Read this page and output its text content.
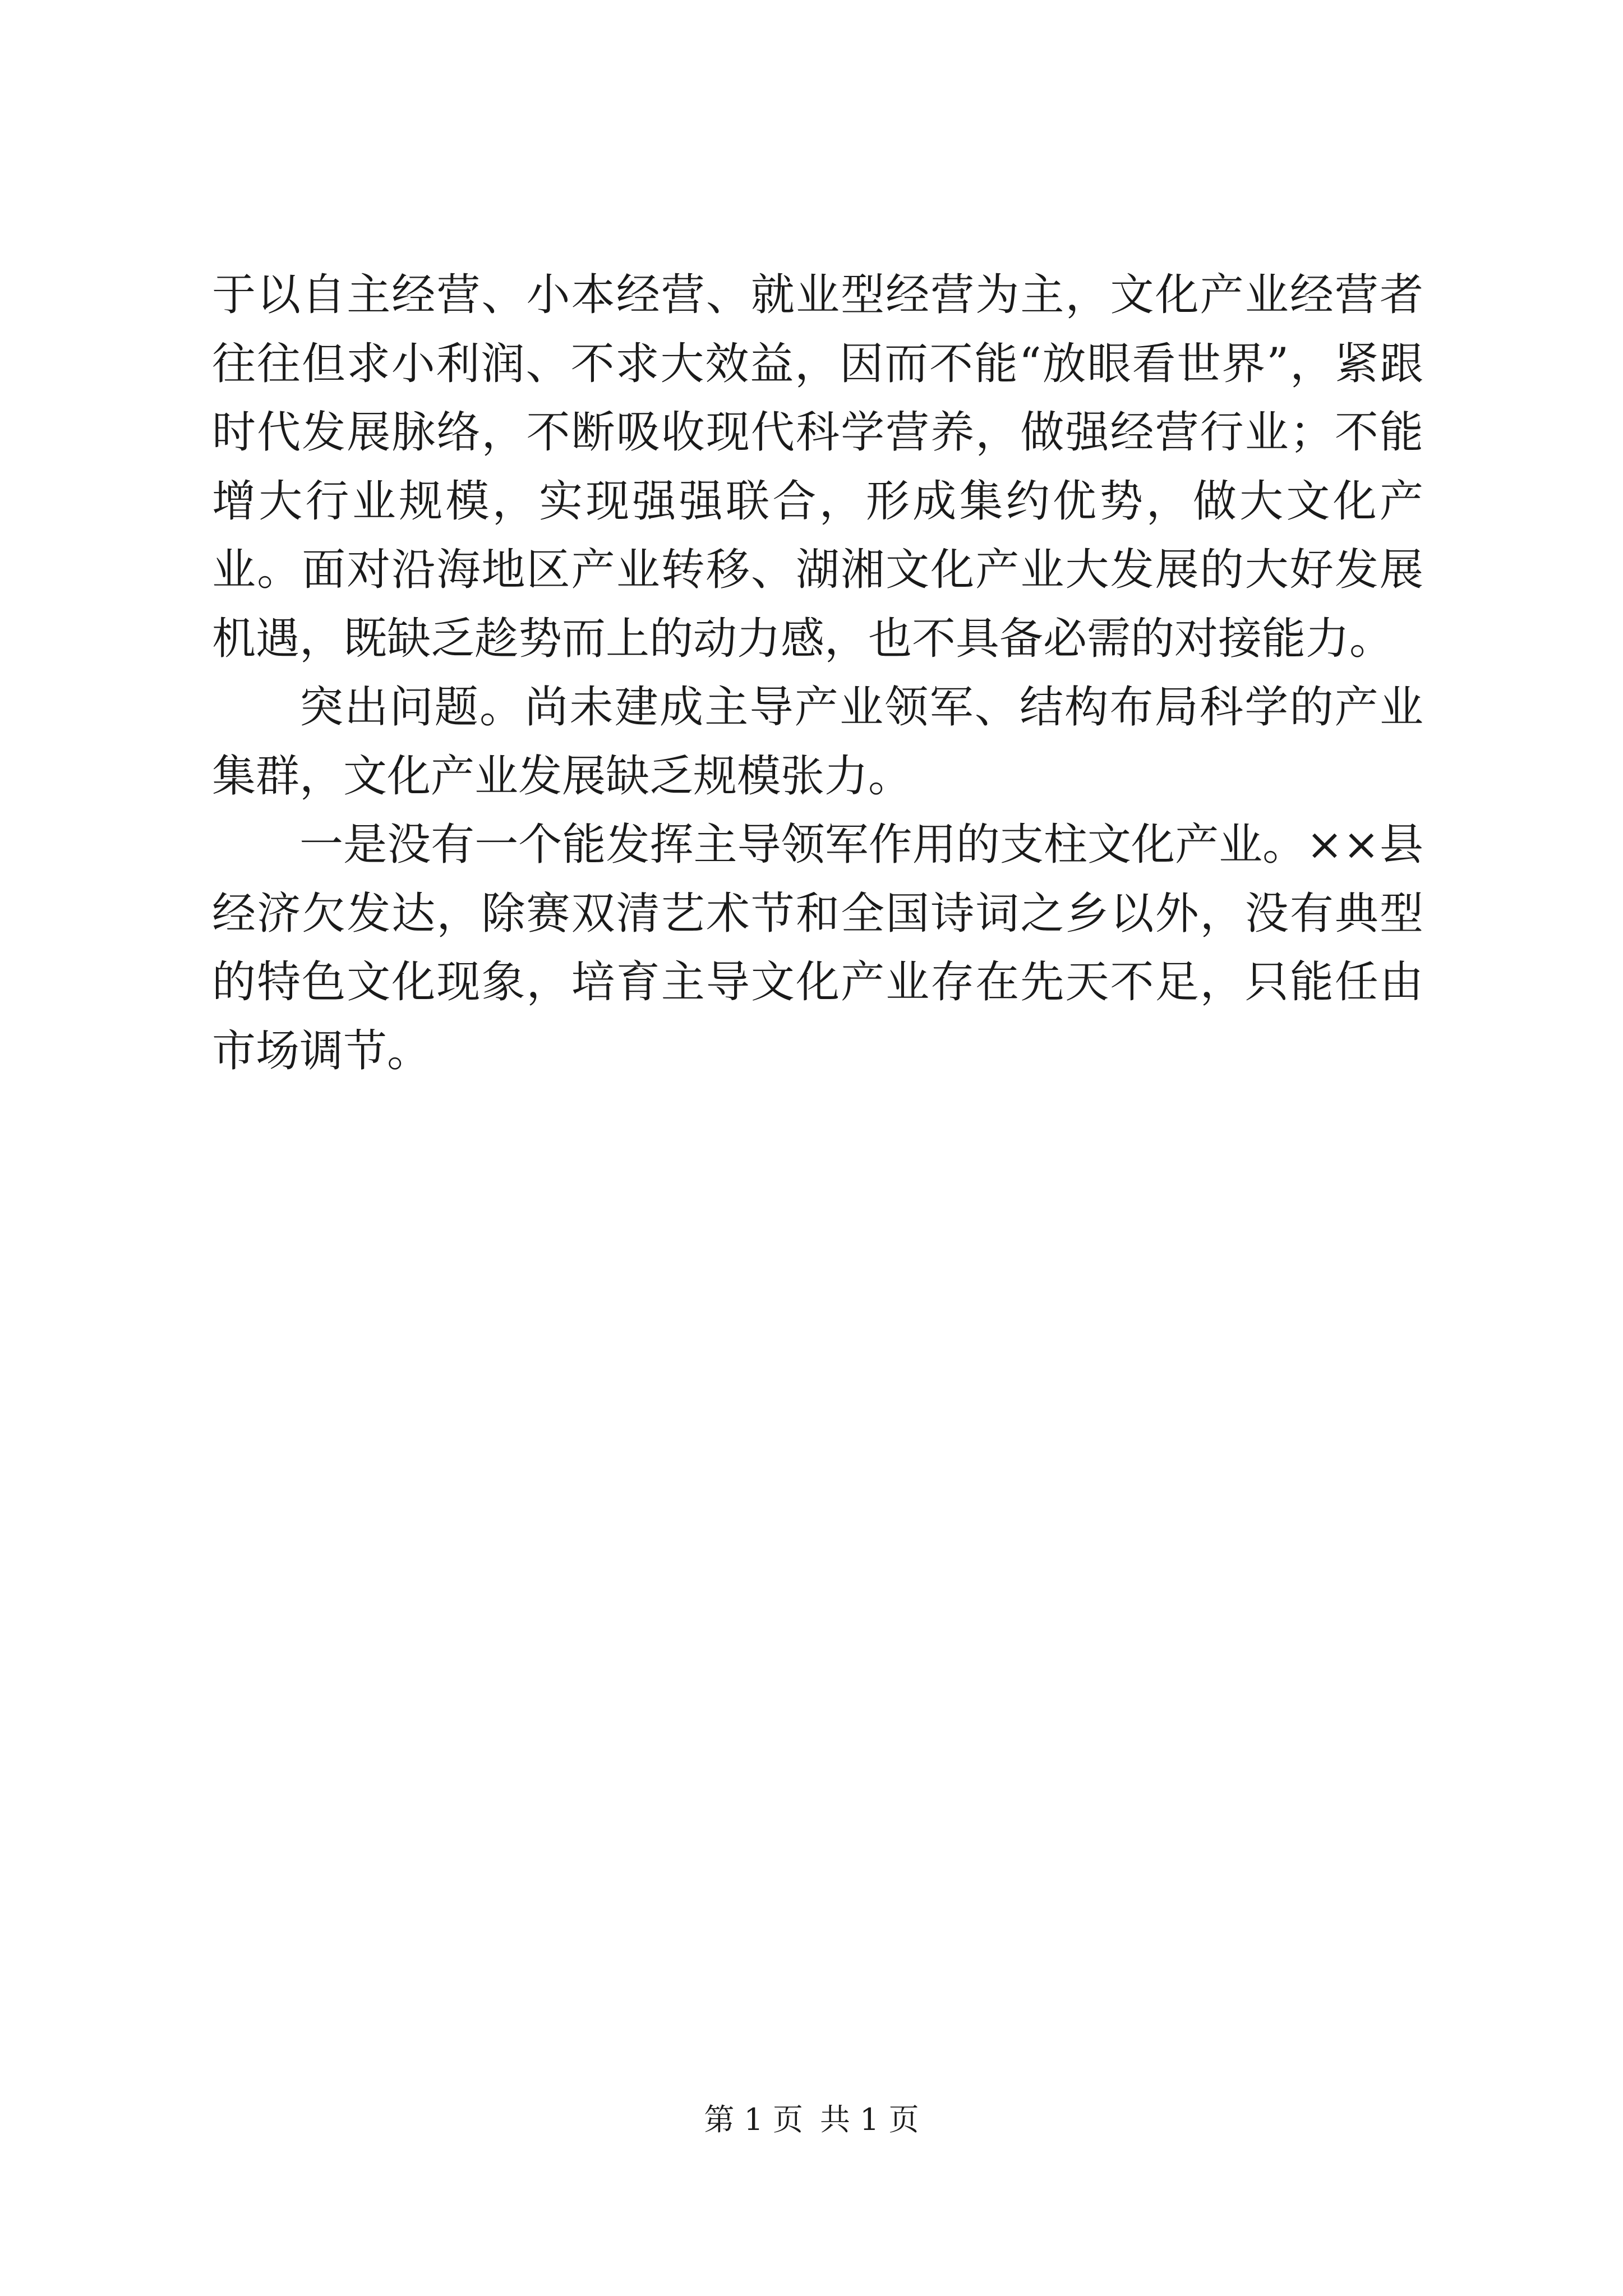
于以自主经营、小本经营、就业型经营为主，文化产业经营者往往但求小利润、不求大效益，因而不能“放眼看世界”，紧跟时代发展脉络，不断吸收现代科学营养，做强经营行业；不能增大行业规模，实现强强联合，形成集约优势，做大文化产业。面对沿海地区产业转移、湖湘文化产业大发展的大好发展机遇，既缺乏趁势而上的动力感，也不具备必需的对接能力。

突出问题。尚未建成主导产业领军、结构布局科学的产业集群，文化产业发展缺乏规模张力。

一是没有一个能发挥主导领军作用的支柱文化产业。××县经济欠发达，除赛双清艺术节和全国诗词之乡以外，没有典型的特色文化现象，培育主导文化产业存在先天不足，只能任由市场调节。

第 1 页 共 1 页
